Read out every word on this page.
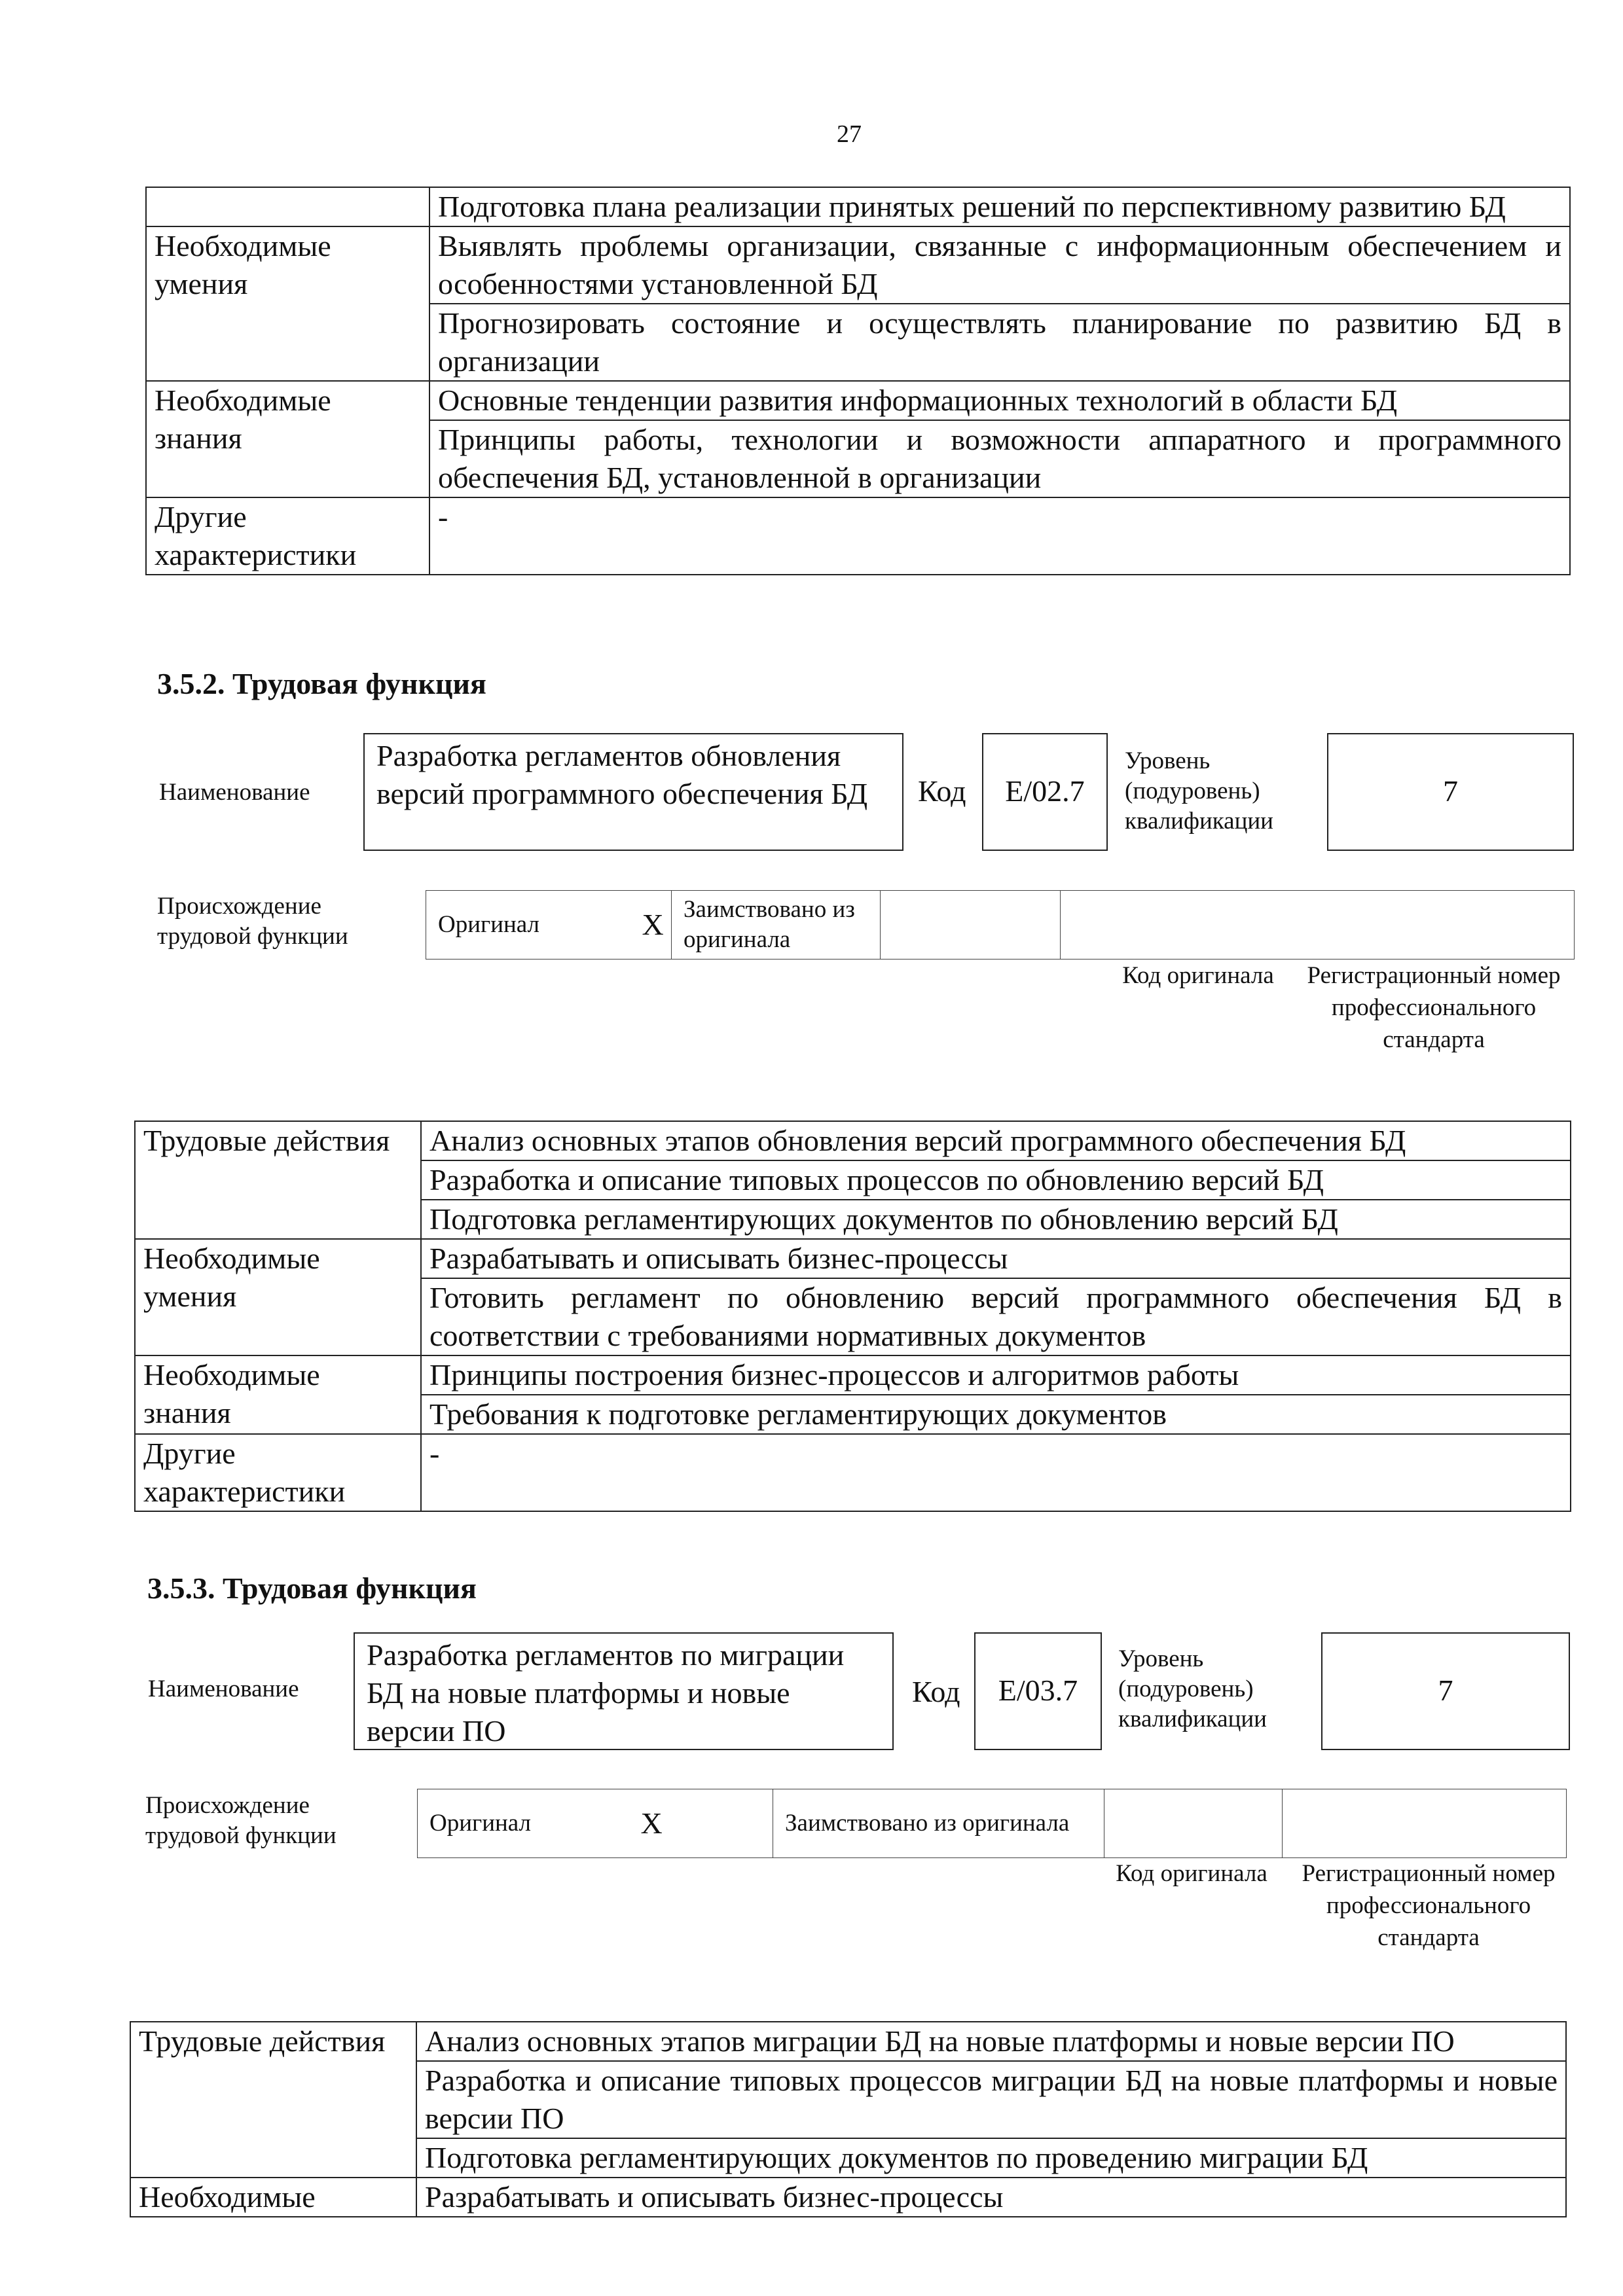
27
	Подготовка плана реализации принятых решений по перспективному развитию БД
Необходимые умения	Выявлять проблемы организации, связанные с информационным обеспечением и особенностями установленной БД
	Прогнозировать состояние и осуществлять планирование по развитию БД в организации
Необходимые знания	Основные тенденции развития информационных технологий в области БД
	Принципы работы, технологии и возможности аппаратного и программного обеспечения БД, установленной в организации
Другие характеристики	-
3.5.2. Трудовая функция
Наименование
Разработка регламентов обновления версий программного обеспечения БД	Код	E/02.7
Уровень (подуровень) квалификации
7
Происхождение трудовой функции	Оригинал	X	Заимствовано из оригинала		
Код оригинала	Регистрационный номер профессионального стандарта
Трудовые действия	Анализ основных этапов обновления версий программного обеспечения БД
	Разработка и описание типовых процессов по обновлению версий БД
	Подготовка регламентирующих документов по обновлению версий БД
Необходимые умения	Разрабатывать и описывать бизнес-процессы
	Готовить регламент по обновлению версий программного обеспечения БД в соответствии с требованиями нормативных документов
Необходимые знания	Принципы построения бизнес-процессов и алгоритмов работы
	Требования к подготовке регламентирующих документов
Другие характеристики	-
3.5.3. Трудовая функция
Наименование
Разработка регламентов по миграции БД на новые платформы и новые версии ПО
Код	E/03.7
Уровень (подуровень) квалификации
7
Происхождение трудовой функции	Оригинал	X	Заимствовано из оригинала		
Код оригинала	Регистрационный номер профессионального стандарта
Трудовые действия	Анализ основных этапов миграции БД на новые платформы и новые версии ПО
	Разработка и описание типовых процессов миграции БД на новые платформы и новые версии ПО
	Подготовка регламентирующих документов по проведению миграции БД
Необходимые	Разрабатывать и описывать бизнес-процессы
